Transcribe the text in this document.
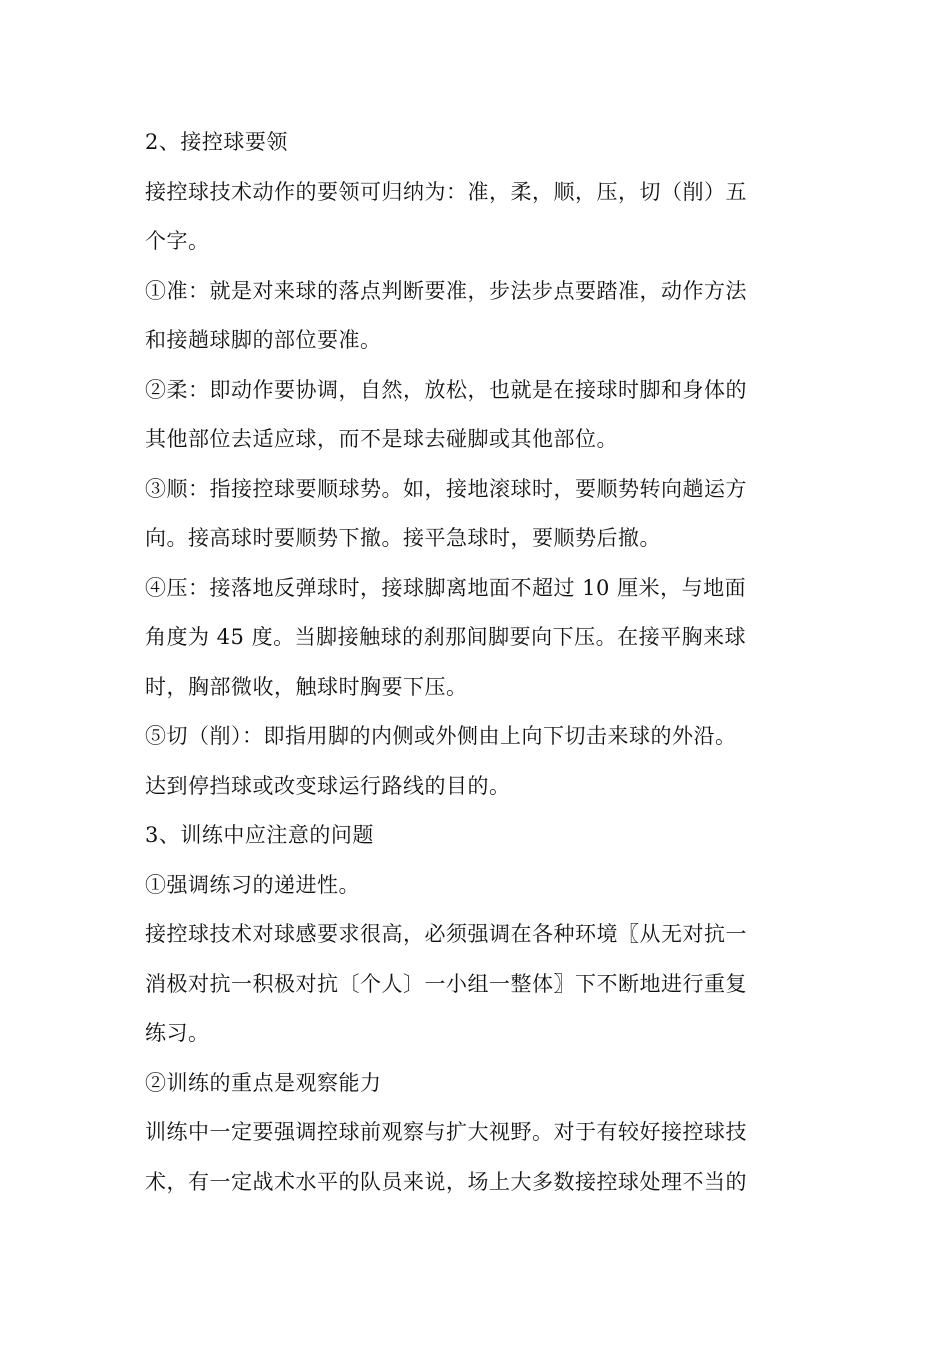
2、接控球要领
接控球技术动作的要领可归纳为：准，柔，顺，压，切（削）五
个字。
①准：就是对来球的落点判断要准，步法步点要踏准，动作方法
和接趟球脚的部位要准。
②柔：即动作要协调，自然，放松，也就是在接球时脚和身体的
其他部位去适应球，而不是球去碰脚或其他部位。
③顺：指接控球要顺球势。如，接地滚球时，要顺势转向趟运方
向。接高球时要顺势下撤。接平急球时，要顺势后撤。
④压：接落地反弹球时，接球脚离地面不超过 10 厘米，与地面
角度为 45 度。当脚接触球的刹那间脚要向下压。在接平胸来球
时，胸部微收，触球时胸要下压。
⑤切（削）：即指用脚的内侧或外侧由上向下切击来球的外沿。
达到停挡球或改变球运行路线的目的。
3、训练中应注意的问题
①强调练习的递进性。
接控球技术对球感要求很高，必须强调在各种环境〖从无对抗一
消极对抗一积极对抗〔个人〕一小组一整体〗下不断地进行重复
练习。
②训练的重点是观察能力
训练中一定要强调控球前观察与扩大视野。对于有较好接控球技
术，有一定战术水平的队员来说，场上大多数接控球处理不当的
